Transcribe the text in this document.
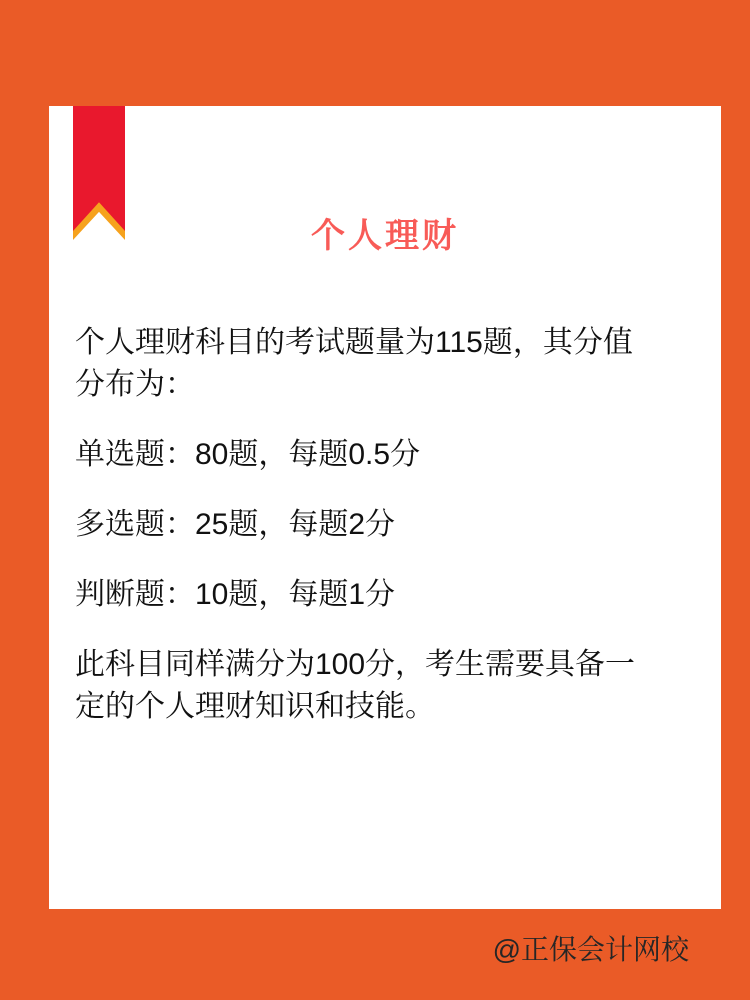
个人理财
个人理财科目的考试题量为115题，其分值
分布为：
单选题：80题，每题0.5分
多选题：25题，每题2分
判断题：10题，每题1分
此科目同样满分为100分，考生需要具备一
定的个人理财知识和技能。
@正保会计网校
